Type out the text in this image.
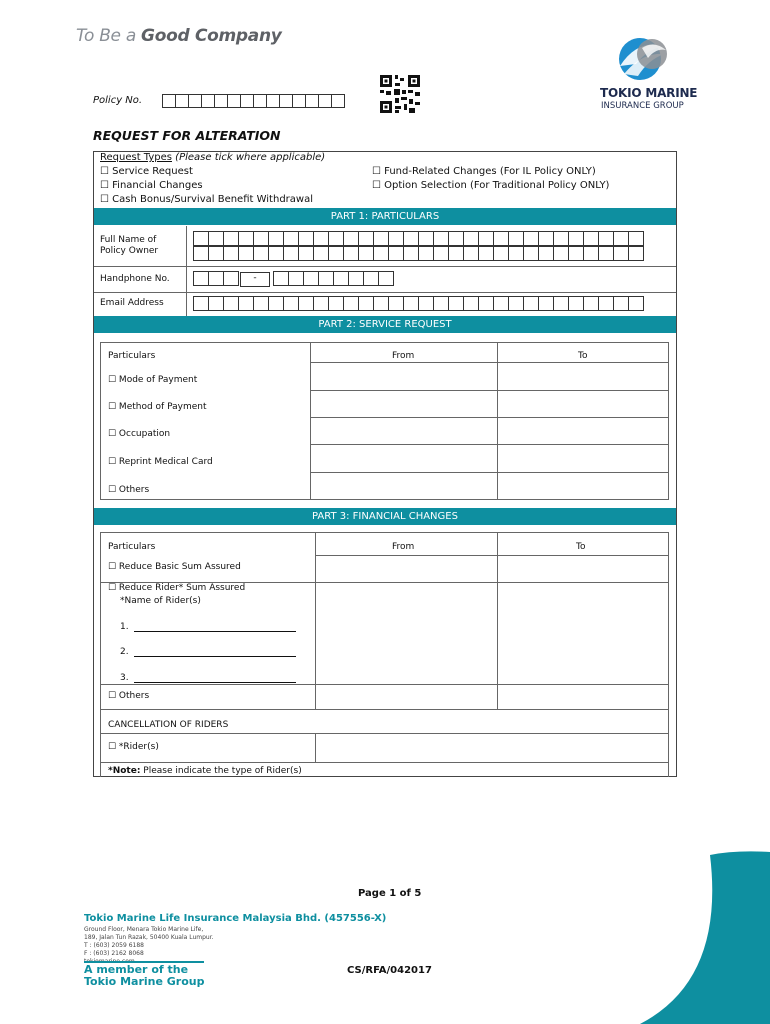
To Be a Good Company
Policy No.
TOKIO MARINE
INSURANCE GROUP
REQUEST FOR ALTERATION
Request Types (Please tick where applicable)
☐ Service Request
☐ Financial Changes
☐ Cash Bonus/Survival Benefit Withdrawal
☐ Fund-Related Changes (For IL Policy ONLY)
☐ Option Selection (For Traditional Policy ONLY)
PART 1: PARTICULARS
Full Name of
Policy Owner
Handphone No.	-
Email Address
PART 2: SERVICE REQUEST
Particulars	From	To
☐ Mode of Payment
☐ Method of Payment
☐ Occupation
☐ Reprint Medical Card
☐ Others
PART 3: FINANCIAL CHANGES
Particulars	From	To
☐ Reduce Basic Sum Assured
☐ Reduce Rider* Sum Assured
*Name of Rider(s)
1.
2.
3.
☐ Others
CANCELLATION OF RIDERS
☐ *Rider(s)
*Note: Please indicate the type of Rider(s)
Page 1 of 5
CS/RFA/042017
Tokio Marine Life Insurance Malaysia Bhd. (457556-X)
Ground Floor, Menara Tokio Marine Life,
189, Jalan Tun Razak, 50400 Kuala Lumpur.
T : (603) 2059 6188
F : (603) 2162 8068
tokiomarine.com
A member of the
Tokio Marine Group
